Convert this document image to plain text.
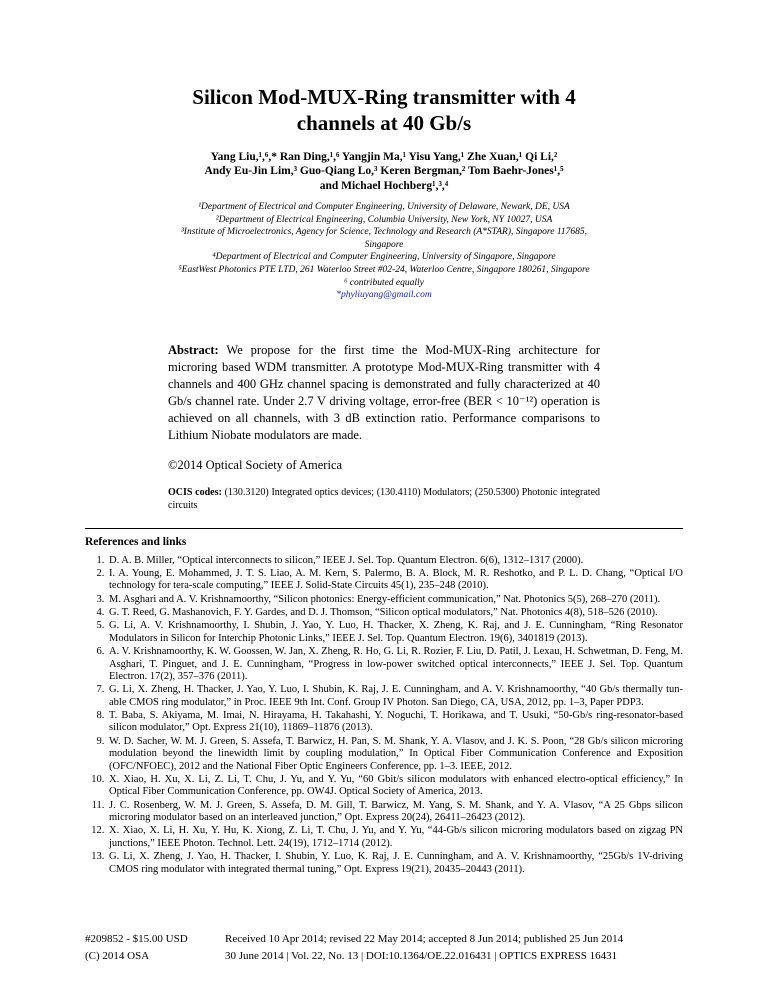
Silicon Mod-MUX-Ring transmitter with 4
channels at 40 Gb/s
Yang Liu,¹,⁶,* Ran Ding,¹,⁶ Yangjin Ma,¹ Yisu Yang,¹ Zhe Xuan,¹ Qi Li,²
Andy Eu-Jin Lim,³ Guo-Qiang Lo,³ Keren Bergman,² Tom Baehr-Jones¹,⁵
and Michael Hochberg¹,³,⁴
¹Department of Electrical and Computer Engineering, University of Delaware, Newark, DE, USA
²Department of Electrical Engineering, Columbia University, New York, NY 10027, USA
³Institute of Microelectronics, Agency for Science, Technology and Research (A*STAR), Singapore 117685,
Singapore
⁴Department of Electrical and Computer Engineering, University of Singapore, Singapore
⁵EastWest Photonics PTE LTD, 261 Waterloo Street #02-24, Waterloo Centre, Singapore 180261, Singapore
⁶ contributed equally
*phyliuyang@gmail.com
Abstract: We propose for the first time the Mod-MUX-Ring architecture for microring based WDM transmitter. A prototype Mod-MUX-Ring transmitter with 4 channels and 400 GHz channel spacing is demonstrated and fully characterized at 40 Gb/s channel rate. Under 2.7 V driving voltage, error-free (BER < 10⁻¹²) operation is achieved on all channels, with 3 dB extinction ratio. Performance comparisons to Lithium Niobate modulators are made.
©2014 Optical Society of America
OCIS codes: (130.3120) Integrated optics devices; (130.4110) Modulators; (250.5300) Photonic integrated circuits
References and links
1. D. A. B. Miller, “Optical interconnects to silicon,” IEEE J. Sel. Top. Quantum Electron. 6(6), 1312–1317 (2000).
2. I. A. Young, E. Mohammed, J. T. S. Liao, A. M. Kern, S. Palermo, B. A. Block, M. R. Reshotko, and P. L. D. Chang, “Optical I/O technology for tera-scale computing,” IEEE J. Solid-State Circuits 45(1), 235–248 (2010).
3. M. Asghari and A. V. Krishnamoorthy, “Silicon photonics: Energy-efficient communication,” Nat. Photonics 5(5), 268–270 (2011).
4. G. T. Reed, G. Mashanovich, F. Y. Gardes, and D. J. Thomson, “Silicon optical modulators,” Nat. Photonics 4(8), 518–526 (2010).
5. G. Li, A. V. Krishnamoorthy, I. Shubin, J. Yao, Y. Luo, H. Thacker, X. Zheng, K. Raj, and J. E. Cunningham, “Ring Resonator Modulators in Silicon for Interchip Photonic Links,” IEEE J. Sel. Top. Quantum Electron. 19(6), 3401819 (2013).
6. A. V. Krishnamoorthy, K. W. Goossen, W. Jan, X. Zheng, R. Ho, G. Li, R. Rozier, F. Liu, D. Patil, J. Lexau, H. Schwetman, D. Feng, M. Asghari, T. Pinguet, and J. E. Cunningham, “Progress in low-power switched optical interconnects,” IEEE J. Sel. Top. Quantum Electron. 17(2), 357–376 (2011).
7. G. Li, X. Zheng, H. Thacker, J. Yao, Y. Luo, I. Shubin, K. Raj, J. E. Cunningham, and A. V. Krishnamoorthy, “40 Gb/s thermally tun- able CMOS ring modulator,” in Proc. IEEE 9th Int. Conf. Group IV Photon. San Diego, CA, USA, 2012, pp. 1–3, Paper PDP3.
8. T. Baba, S. Akiyama, M. Imai, N. Hirayama, H. Takahashi, Y. Noguchi, T. Horikawa, and T. Usuki, “50-Gb/s ring-resonator-based silicon modulator,” Opt. Express 21(10), 11869–11876 (2013).
9. W. D. Sacher, W. M. J. Green, S. Assefa, T. Barwicz, H. Pan, S. M. Shank, Y. A. Vlasov, and J. K. S. Poon, “28 Gb/s silicon microring modulation beyond the linewidth limit by coupling modulation,” In Optical Fiber Communication Conference and Exposition (OFC/NFOEC), 2012 and the National Fiber Optic Engineers Conference, pp. 1–3. IEEE, 2012.
10. X. Xiao, H. Xu, X. Li, Z. Li, T. Chu, J. Yu, and Y. Yu, “60 Gbit/s silicon modulators with enhanced electro-optical efficiency,” In Optical Fiber Communication Conference, pp. OW4J. Optical Society of America, 2013.
11. J. C. Rosenberg, W. M. J. Green, S. Assefa, D. M. Gill, T. Barwicz, M. Yang, S. M. Shank, and Y. A. Vlasov, “A 25 Gbps silicon microring modulator based on an interleaved junction,” Opt. Express 20(24), 26411–26423 (2012).
12. X. Xiao, X. Li, H. Xu, Y. Hu, K. Xiong, Z. Li, T. Chu, J. Yu, and Y. Yu, “44-Gb/s silicon microring modulators based on zigzag PN junctions,” IEEE Photon. Technol. Lett. 24(19), 1712–1714 (2012).
13. G. Li, X. Zheng, J. Yao, H. Thacker, I. Shubin, Y. Luo, K. Raj, J. E. Cunningham, and A. V. Krishnamoorthy, “25Gb/s 1V-driving CMOS ring modulator with integrated thermal tuning,” Opt. Express 19(21), 20435–20443 (2011).
#209852 - $15.00 USD	Received 10 Apr 2014; revised 22 May 2014; accepted 8 Jun 2014; published 25 Jun 2014
(C) 2014 OSA	30 June 2014 | Vol. 22, No. 13 | DOI:10.1364/OE.22.016431 | OPTICS EXPRESS 16431
